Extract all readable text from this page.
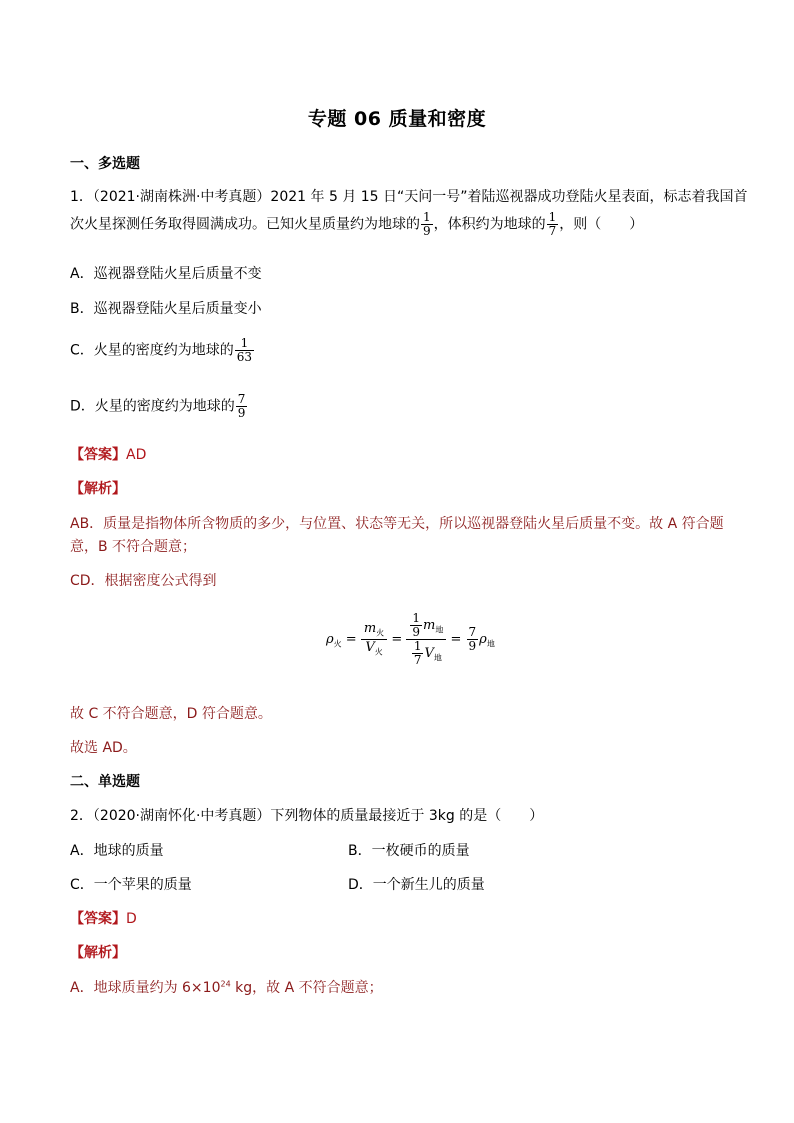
专题 06 质量和密度
一、多选题
1．（2021·湖南株洲·中考真题）2021 年 5 月 15 日“天问一号”着陆巡视器成功登陆火星表面，标志着我国首
次火星探测任务取得圆满成功。已知火星质量约为地球的 $\frac{1}{9}$ ，体积约为地球的 $\frac{1}{7}$ ，则（　　）
A．巡视器登陆火星后质量不变
B．巡视器登陆火星后质量变小
C．火星的密度约为地球的 $\frac{1}{63}$
D．火星的密度约为地球的 $\frac{7}{9}$
【答案】AD
【解析】
AB．质量是指物体所含物质的多少，与位置、状态等无关，所以巡视器登陆火星后质量不变。故 A 符合题
意，B 不符合题意；
CD．根据密度公式得到
$\rho_火$ =
$m_火$
$V_火$
=
$\frac{1}{9} m_地$
$\frac{1}{7} V_地$
= $\frac{7}{9} \rho_地$
故 C 不符合题意，D 符合题意。
故选 AD。
二、单选题
2．（2020·湖南怀化·中考真题）下列物体的质量最接近于 3kg 的是（　　）
A．地球的质量	B．一枚硬币的质量
C．一个苹果的质量	D．一个新生儿的质量
【答案】D
【解析】
A．地球质量约为 $6\times 10^{24}$ kg，故 A 不符合题意；
